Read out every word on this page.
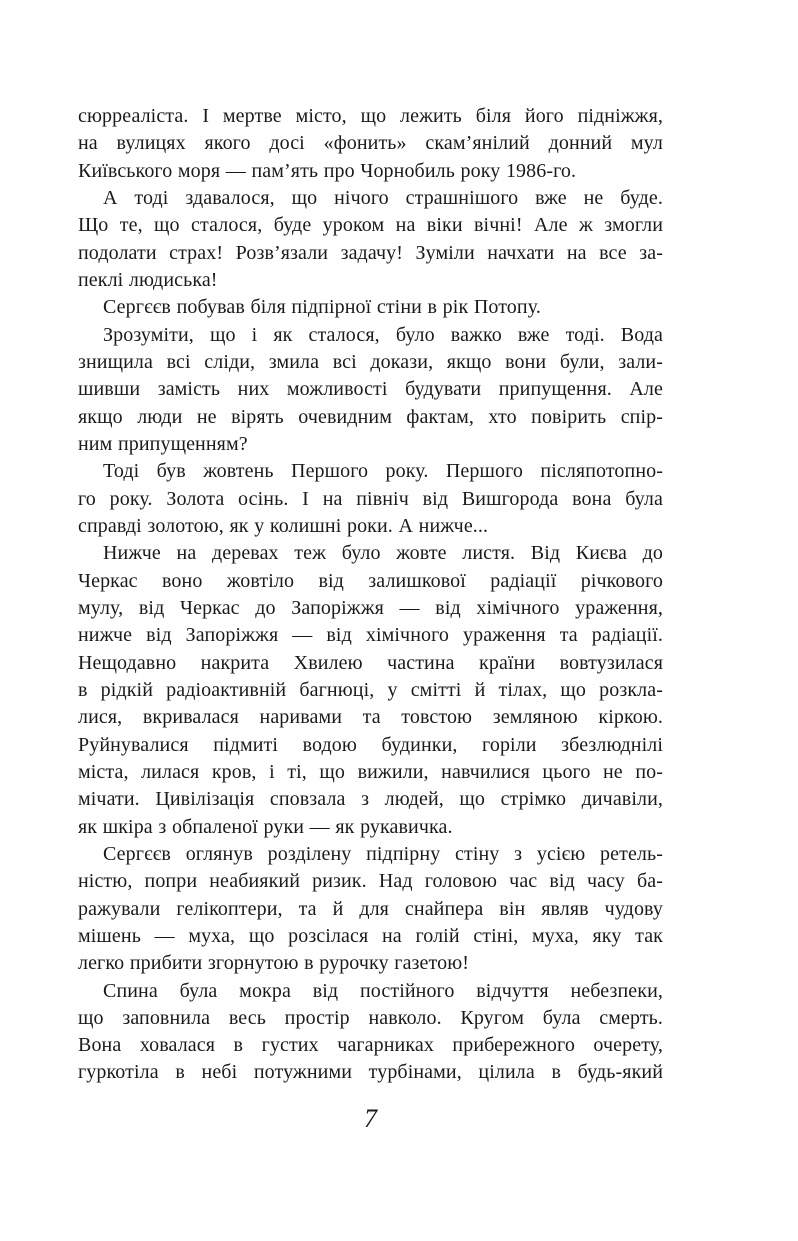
сюрреаліста. І мертве місто, що лежить біля його підніжжя,
на вулицях якого досі «фонить» скам’янілий донний мул
Київського моря — пам’ять про Чорнобиль року 1986-го.
А тоді здавалося, що нічого страшнішого вже не буде.
Що те, що сталося, буде уроком на віки вічні! Але ж змогли
подолати страх! Розв’язали задачу! Зуміли начхати на все за-
пеклі людиська!
Сергєєв побував біля підпірної стіни в рік Потопу.
Зрозуміти, що і як сталося, було важко вже тоді. Вода
знищила всі сліди, змила всі докази, якщо вони були, зали-
шивши замість них можливості будувати припущення. Але
якщо люди не вірять очевидним фактам, хто повірить спір-
ним припущенням?
Тоді був жовтень Першого року. Першого післяпотопно-
го року. Золота осінь. І на північ від Вишгорода вона була
справді золотою, як у колишні роки. А нижче...
Нижче на деревах теж було жовте листя. Від Києва до
Черкас воно жовтіло від залишкової радіації річкового
мулу, від Черкас до Запоріжжя — від хімічного ураження,
нижче від Запоріжжя — від хімічного ураження та радіації.
Нещодавно накрита Хвилею частина країни вовтузилася
в рідкій радіоактивній багнюці, у смітті й тілах, що розкла-
лися, вкривалася наривами та товстою земляною кіркою.
Руйнувалися підмиті водою будинки, горіли збезлюднілі
міста, лилася кров, і ті, що вижили, навчилися цього не по-
мічати. Цивілізація сповзала з людей, що стрімко дичавіли,
як шкіра з обпаленої руки — як рукавичка.
Сергєєв оглянув розділену підпірну стіну з усією ретель-
ністю, попри неабиякий ризик. Над головою час від часу ба-
ражували гелікоптери, та й для снайпера він являв чудову
мішень — муха, що розсілася на голій стіні, муха, яку так
легко прибити згорнутою в рурочку газетою!
Спина була мокра від постійного відчуття небезпеки,
що заповнила весь простір навколо. Кругом була смерть.
Вона ховалася в густих чагарниках прибережного очерету,
гуркотіла в небі потужними турбінами, цілила в будь-який
7
